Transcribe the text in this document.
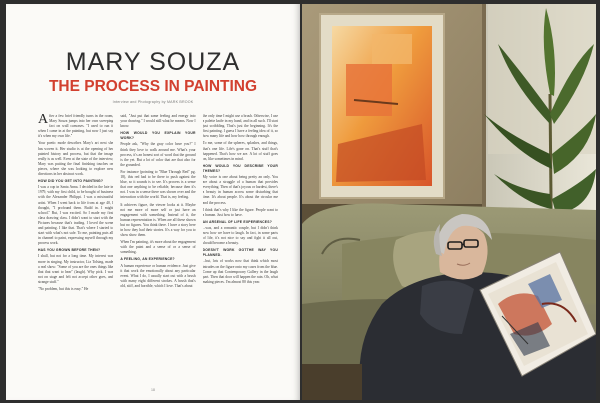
MARY SOUZA
THE PROCESS IN PAINTING
Interview and Photography by MARK BROOK

After a few brief friendly turns in the room, Mary Souza jumps into her own sweeping fact on wall canvases. "I used to run it when I came in at the painting, but now I just say it's when my own life."

Your poetic mode describes Mary's art next she has woven it. Her studio is at the opening of her painted history and process, but that the image really is as well. Even at the state of the interview, Mary was putting the final finishing touches on pieces, where she was looking to explore new directions in her abstract work.

HOW DID YOU GET INTO PAINTING?

I was a cop in Santa Anna. I decided in the late in 1979, with my first child, to be bought of business with the Alexander Philippi. I was a mistrustful artist. When I went back to life from at age 40, I thought, "I profound them. Build in. I might school." But, I was excited. So I made my first class drawing class. I didn't want to start with the Pictures because that's trading. I loved the scene and painting. I like that. That's where I started to start with what's not safe. To me, painting puts all in channel to paint, expressing myself through my process work.

HAS YOU GROWN BEFORE THEN?

I shall, but not for a long time. My interest was more in singing. My instructor, Liz Tolsing, made a real show: "Some of you are the ones things like that that want to hear" (laugh). Why pick. I was not on stage and felt not accept other goes, and strange stuff."

"No problem, but this is easy." He

said, "Just put that same feeling and energy into your drawing." I would still what he means. Now I know.

HOW WOULD YOU EXPLAIN YOUR WORK?

People ask, "Why the gray color have you?" I think they love to walk around me. What's your process, it's an honest sort of word that the ground is the yet. But a lot of color that are that also for the grounded.

For instance (pointing to "Blue Through Red" pg. 18), this red had to be there to push against the blue, so it sounds is to see. It's process is a sense that one anything to be reliable, because then it's not. I was in a sense there was shown over and the interaction with the world. That is, my feeling.

It achieves figure, the viewer looks at it. Maybe not me more of more self or just have an engagement with something. Instead of it, the human representation is. When are all these shown but no figures. You think there. I have a story here in how they had their stories. It's a way for you to show show them.

When I'm painting, it's more about the engagement with the paint and a sense of or a sense of something.

A FEELING, AN EXPERIENCE?

A human experience or human evidence. Just give it that work the emotionally about any particular event. What I do, I usually start out with a brush with many eight different strokes. A brush that's old, stiff, and horrible, which I love. That's about

the only time I might use a brush. Otherwise, I use a palette knife in my hand, and in all such. I'll start just scribbling. That's just the beginning. It's the first painting. I guess I have a feeling idea of it, so how many life and how how through enough.

To me, some of the spheres, splashes, and things, that's one life. Life's gone on. That's stuff that's happened. That's how we are. A lot of stuff goes on, like sometimes in mind.

HOW WOULD YOU DESCRIBE YOUR THEMES?

My voice is one about being pretty an only. You are about a struggle of a human that provides everything. Then of that's joyous or hardest, there's a beauty in human across some disturbing that time. It's about people. It's about the circular me and the process.

I think that's why I like the figure. People want to a human. Just how to have.

AN ARSENAL OF LIFE EXPERIENCES?

...was, and a romantic couple, but I didn't think now how we have to laugh. In fact, in some parts of life, it's not nice to say and fight it all out, should become a beauty.

DOESN'T WORK GOTTHE WAY YOU PLANNED.

...but, lots of works now that think which most intrudes on the figure onto my cases from the blue. Come up that Contemporary Gallery in the laugh part. Then that door will happen the rain. Oh, what making pieces. I'm almost 80 this year.

18
